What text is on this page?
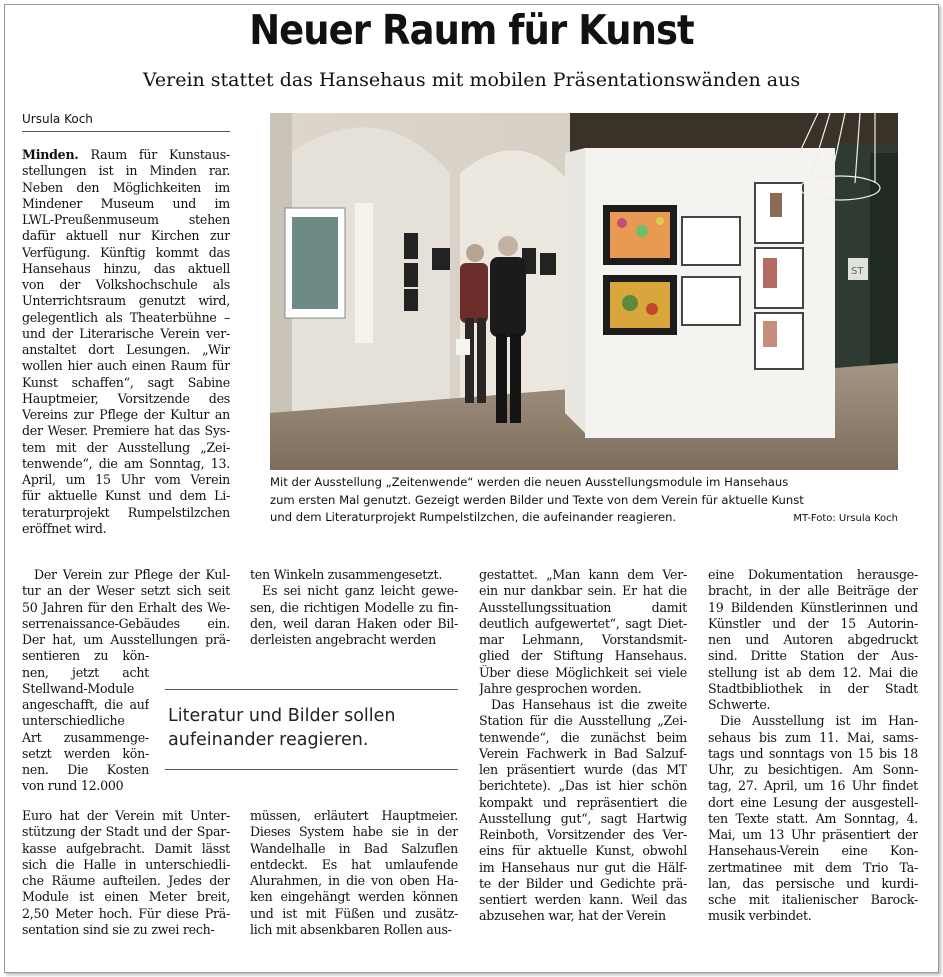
Neuer Raum für Kunst
Verein stattet das Hansehaus mit mobilen Präsentationswänden aus
Ursula Koch
ST
Mit der Ausstellung „Zeitenwende“ werden die neuen Ausstellungsmodule im Hansehaus
zum ersten Mal genutzt. Gezeigt werden Bilder und Texte von dem Verein für aktuelle Kunst
und dem Literaturprojekt Rumpelstilzchen, die aufeinander reagieren.	MT-Foto: Ursula Koch
Minden. Raum für Kunstaus-
stellungen ist in Minden rar.
Neben den Möglichkeiten im
Mindener Museum und im
LWL-Preußenmuseum stehen
dafür aktuell nur Kirchen zur
Verfügung. Künftig kommt das
Hansehaus hinzu, das aktuell
von der Volkshochschule als
Unterrichtsraum genutzt wird,
gelegentlich als Theaterbühne –
und der Literarische Verein ver-
anstaltet dort Lesungen. „Wir
wollen hier auch einen Raum für
Kunst schaffen“, sagt Sabine
Hauptmeier, Vorsitzende des
Vereins zur Pflege der Kultur an
der Weser. Premiere hat das Sys-
tem mit der Ausstellung „Zei-
tenwende“, die am Sonntag, 13.
April, um 15 Uhr vom Verein
für aktuelle Kunst und dem Li-
teraturprojekt Rumpelstilzchen
eröffnet wird.
Der Verein zur Pflege der Kul-
tur an der Weser setzt sich seit
50 Jahren für den Erhalt des We-
serrenaissance-Gebäudes ein.
Der hat, um Ausstellungen prä-
sentieren zu kön-
nen, jetzt acht
Stellwand-Module
angeschafft, die auf
unterschiedliche
Art zusammenge-
setzt werden kön-
nen. Die Kosten
von rund 12.000
Euro hat der Verein mit Unter-
stützung der Stadt und der Spar-
kasse aufgebracht. Damit lässt
sich die Halle in unterschiedli-
che Räume aufteilen. Jedes der
Module ist einen Meter breit,
2,50 Meter hoch. Für diese Prä-
sentation sind sie zu zwei rech-
ten Winkeln zusammengesetzt.
Es sei nicht ganz leicht gewe-
sen, die richtigen Modelle zu fin-
den, weil daran Haken oder Bil-
derleisten angebracht werden
müssen, erläutert Hauptmeier.
Dieses System habe sie in der
Wandelhalle in Bad Salzuflen
entdeckt. Es hat umlaufende
Alurahmen, in die von oben Ha-
ken eingehängt werden können
und ist mit Füßen und zusätz-
lich mit absenkbaren Rollen aus-
gestattet. „Man kann dem Ver-
ein nur dankbar sein. Er hat die
Ausstellungssituation damit
deutlich aufgewertet“, sagt Diet-
mar Lehmann, Vorstandsmit-
glied der Stiftung Hansehaus.
Über diese Möglichkeit sei viele
Jahre gesprochen worden.
Das Hansehaus ist die zweite
Station für die Ausstellung „Zei-
tenwende“, die zunächst beim
Verein Fachwerk in Bad Salzuf-
len präsentiert wurde (das MT
berichtete). „Das ist hier schön
kompakt und repräsentiert die
Ausstellung gut“, sagt Hartwig
Reinboth, Vorsitzender des Ver-
eins für aktuelle Kunst, obwohl
im Hansehaus nur gut die Hälf-
te der Bilder und Gedichte prä-
sentiert werden kann. Weil das
abzusehen war, hat der Verein
eine Dokumentation herausge-
bracht, in der alle Beiträge der
19 Bildenden Künstlerinnen und
Künstler und der 15 Autorin-
nen und Autoren abgedruckt
sind. Dritte Station der Aus-
stellung ist ab dem 12. Mai die
Stadtbibliothek in der Stadt
Schwerte.
Die Ausstellung ist im Han-
sehaus bis zum 11. Mai, sams-
tags und sonntags von 15 bis 18
Uhr, zu besichtigen. Am Sonn-
tag, 27. April, um 16 Uhr findet
dort eine Lesung der ausgestell-
ten Texte statt. Am Sonntag, 4.
Mai, um 13 Uhr präsentiert der
Hansehaus-Verein eine Kon-
zertmatinee mit dem Trio Ta-
lan, das persische und kurdi-
sche mit italienischer Barock-
musik verbindet.
Literatur und Bilder sollen
aufeinander reagieren.
